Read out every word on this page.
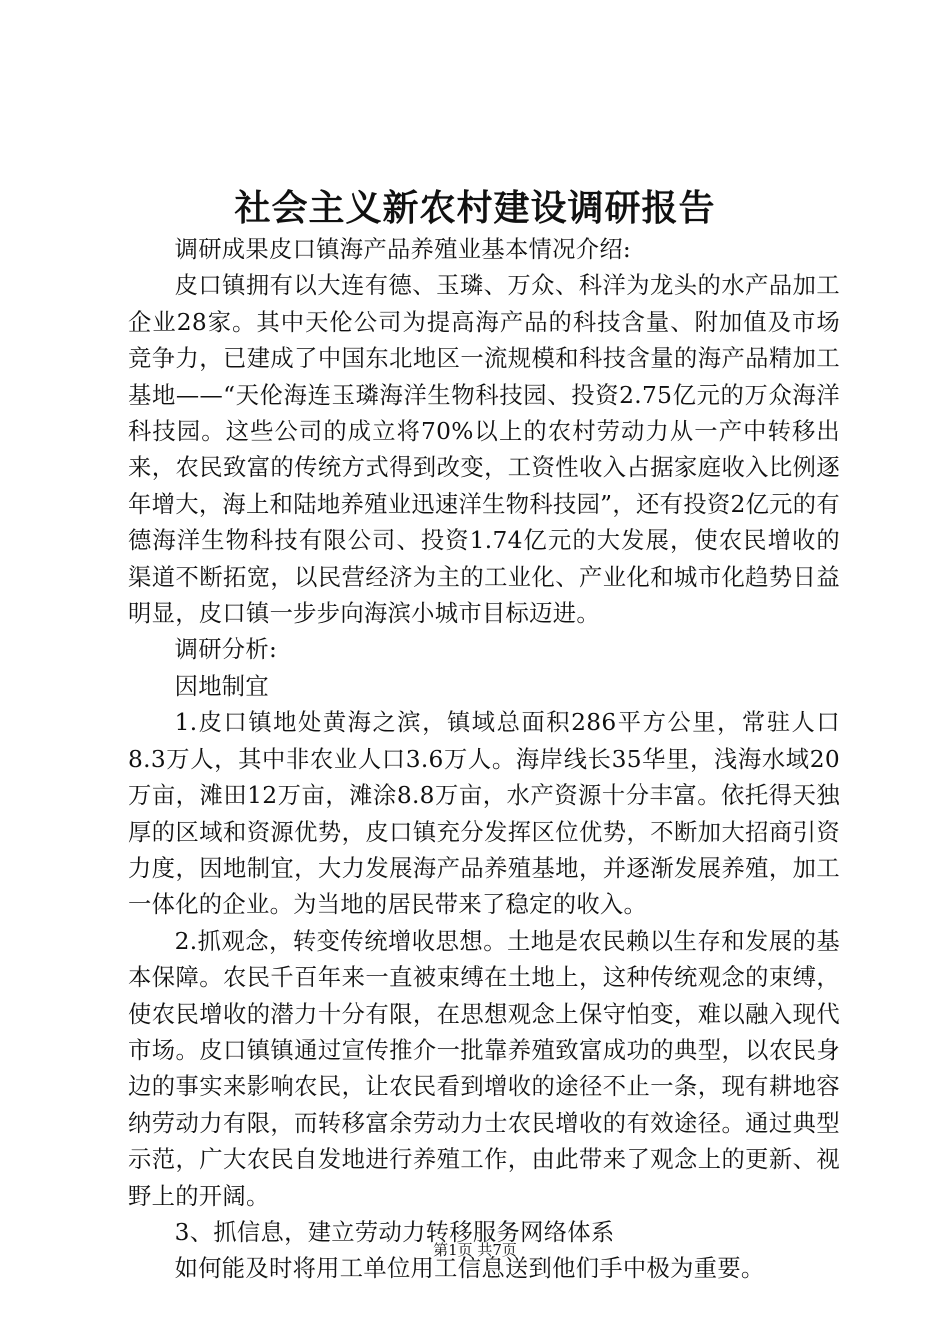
社会主义新农村建设调研报告

调研成果皮口镇海产品养殖业基本情况介绍:

皮口镇拥有以大连有德、玉璘、万众、科洋为龙头的水产品加工企业28家。其中天伦公司为提高海产品的科技含量、附加值及市场竞争力，已建成了中国东北地区一流规模和科技含量的海产品精加工基地——“天伦海连玉璘海洋生物科技园、投资2.75亿元的万众海洋科技园。这些公司的成立将70%以上的农村劳动力从一产中转移出来，农民致富的传统方式得到改变，工资性收入占据家庭收入比例逐年增大，海上和陆地养殖业迅速洋生物科技园”，还有投资2亿元的有德海洋生物科技有限公司、投资1.74亿元的大发展，使农民增收的渠道不断拓宽，以民营经济为主的工业化、产业化和城市化趋势日益明显，皮口镇一步步向海滨小城市目标迈进。

调研分析:

因地制宜

1.皮口镇地处黄海之滨，镇域总面积286平方公里，常驻人口8.3万人，其中非农业人口3.6万人。海岸线长35华里，浅海水域20万亩，滩田12万亩，滩涂8.8万亩，水产资源十分丰富。依托得天独厚的区域和资源优势，皮口镇充分发挥区位优势，不断加大招商引资力度，因地制宜，大力发展海产品养殖基地，并逐渐发展养殖，加工一体化的企业。为当地的居民带来了稳定的收入。

2.抓观念，转变传统增收思想。土地是农民赖以生存和发展的基本保障。农民千百年来一直被束缚在土地上，这种传统观念的束缚，使农民增收的潜力十分有限，在思想观念上保守怕变，难以融入现代市场。皮口镇镇通过宣传推介一批靠养殖致富成功的典型，以农民身边的事实来影响农民，让农民看到增收的途径不止一条，现有耕地容纳劳动力有限，而转移富余劳动力士农民增收的有效途径。通过典型示范，广大农民自发地进行养殖工作，由此带来了观念上的更新、视野上的开阔。

3、抓信息，建立劳动力转移服务网络体系

如何能及时将用工单位用工信息送到他们手中极为重要。

第1页 共7页
